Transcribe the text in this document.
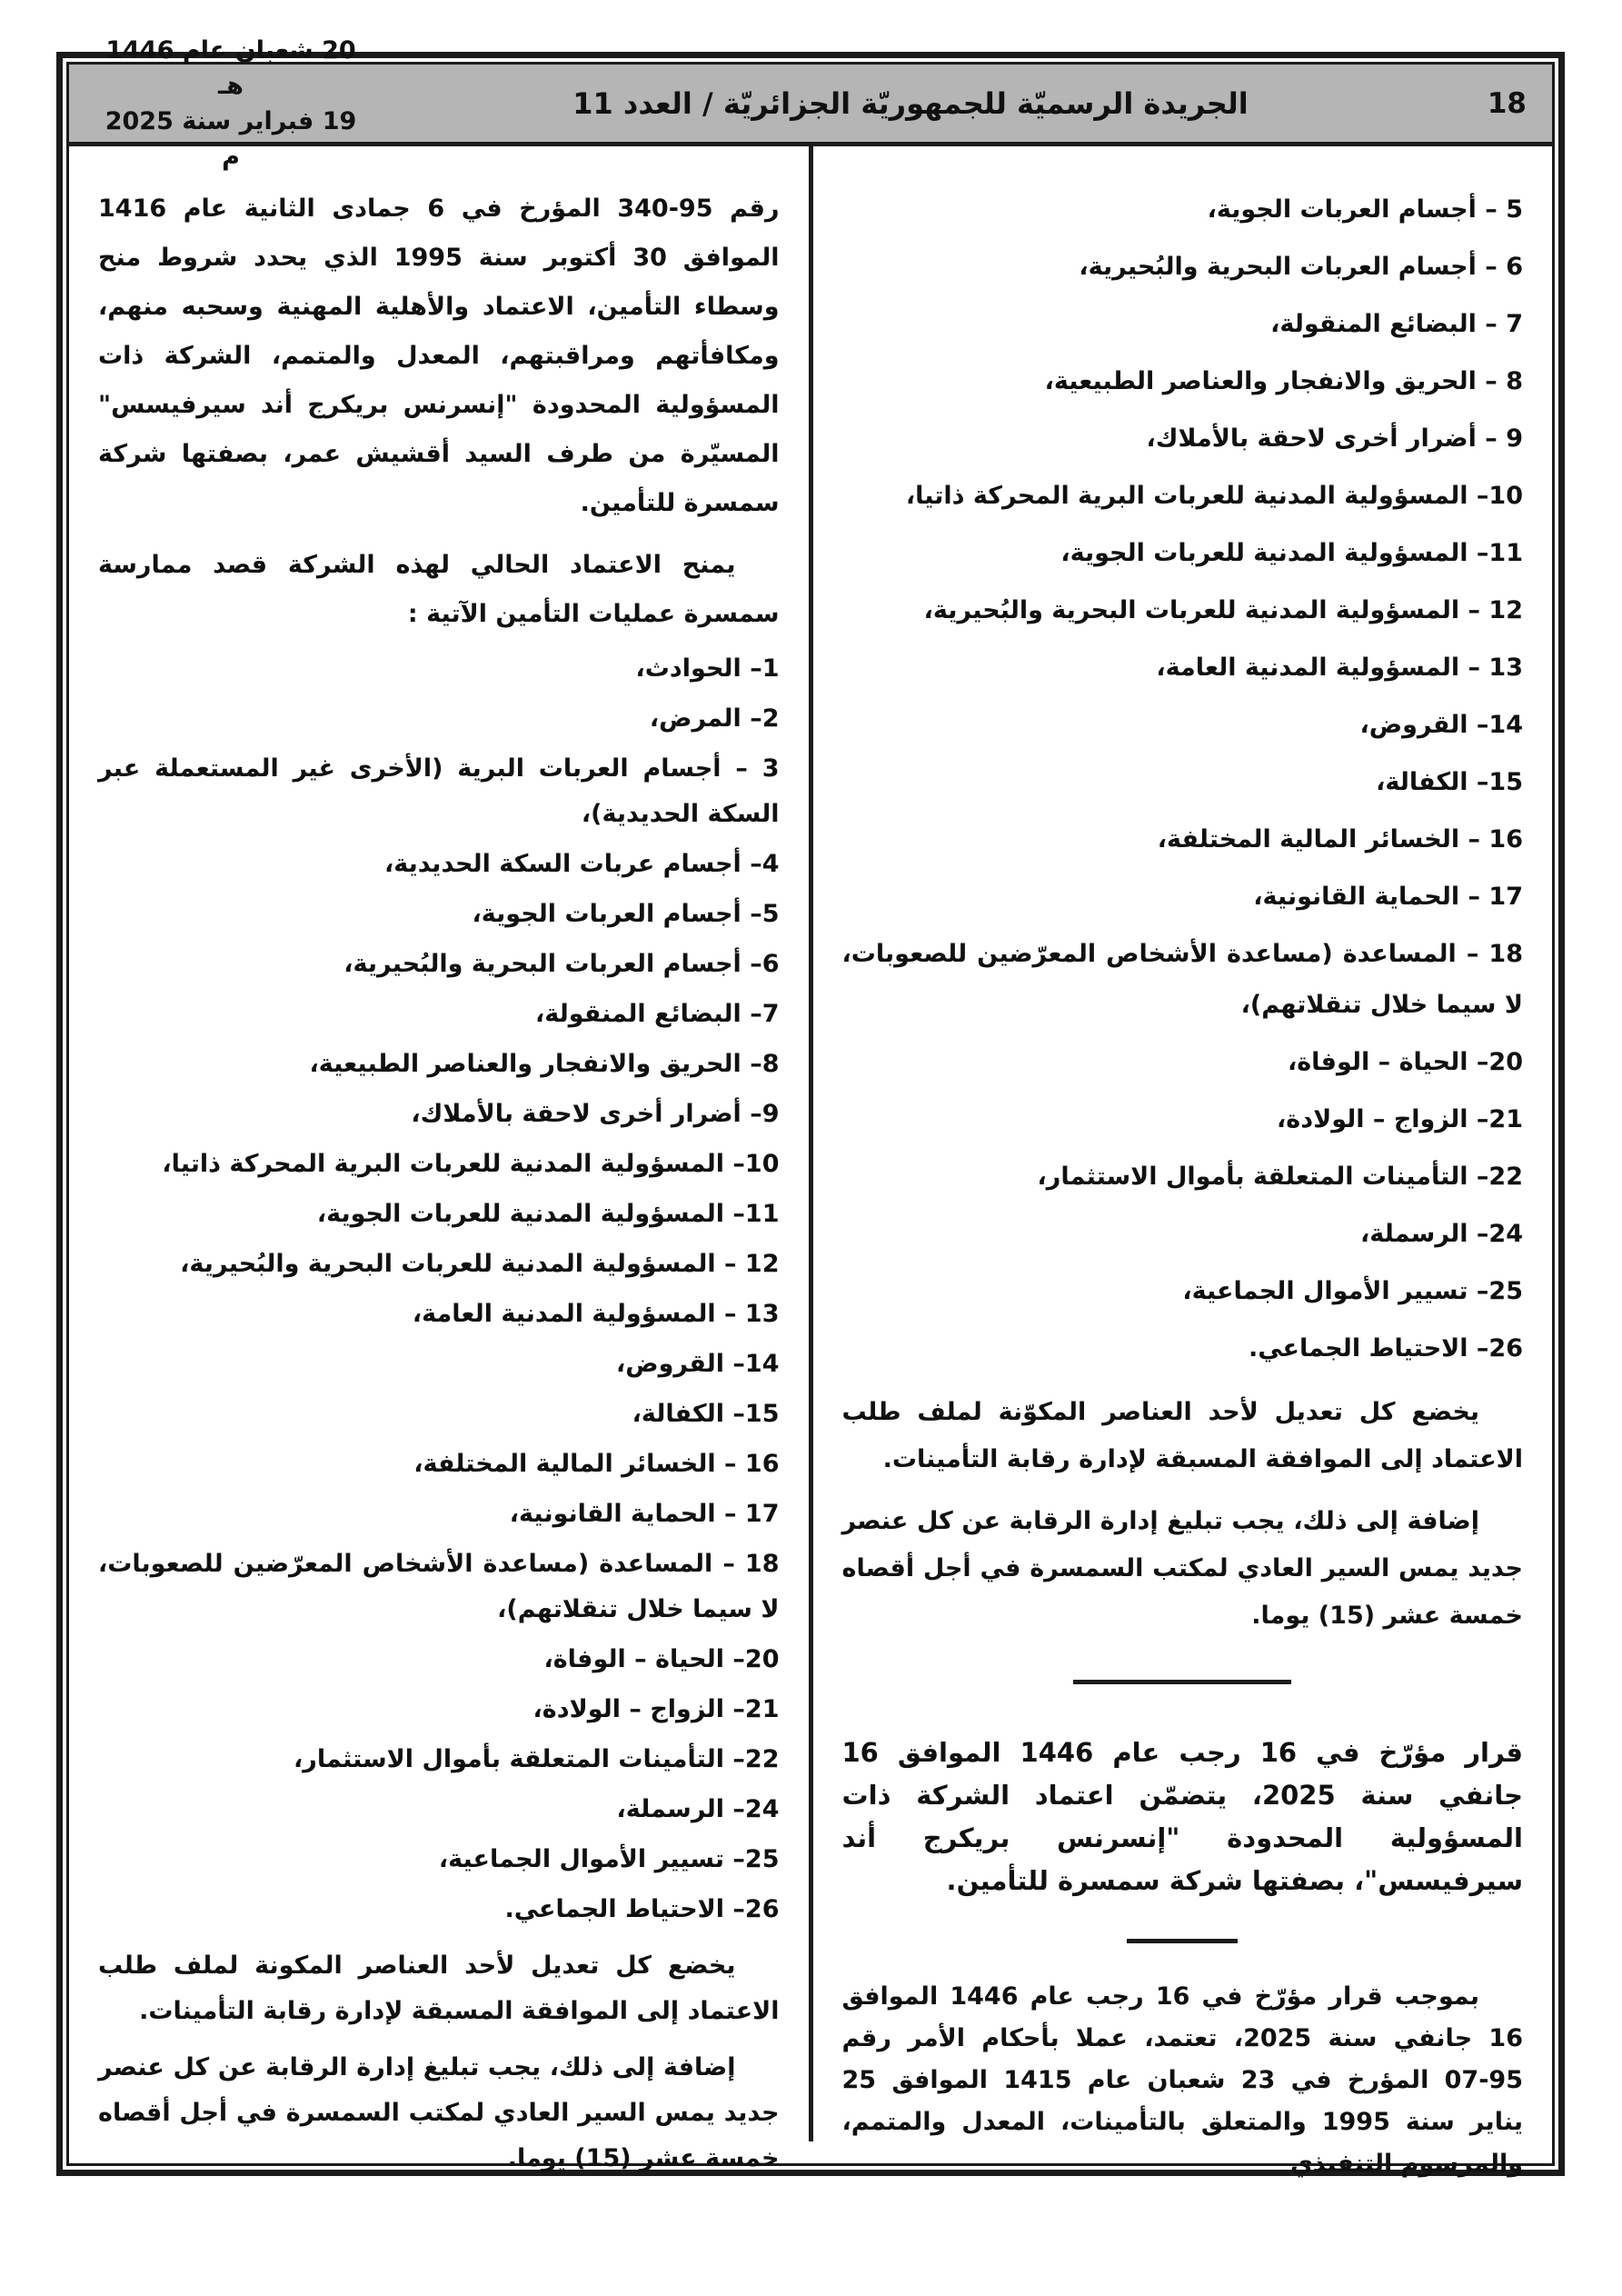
18
الجريدة الرسميّة للجمهوريّة الجزائريّة / العدد 11
20 شعبان عام 1446 هـ
19 فبراير سنة 2025 م
5 – أجسام العربات الجوية،
6 – أجسام العربات البحرية والبُحيرية،
7 – البضائع المنقولة،
8 – الحريق والانفجار والعناصر الطبيعية،
9 – أضرار أخرى لاحقة بالأملاك،
10– المسؤولية المدنية للعربات البرية المحركة ذاتيا،
11– المسؤولية المدنية للعربات الجوية،
12 – المسؤولية المدنية للعربات البحرية والبُحيرية،
13 – المسؤولية المدنية العامة،
14– القروض،
15– الكفالة،
16 – الخسائر المالية المختلفة،
17 – الحماية القانونية،
18 – المساعدة (مساعدة الأشخاص المعرّضين للصعوبات، لا سيما خلال تنقلاتهم)،
20– الحياة – الوفاة،
21– الزواج – الولادة،
22– التأمينات المتعلقة بأموال الاستثمار،
24– الرسملة،
25– تسيير الأموال الجماعية،
26– الاحتياط الجماعي.

يخضع كل تعديل لأحد العناصر المكوّنة لملف طلب الاعتماد إلى الموافقة المسبقة لإدارة رقابة التأمينات.

إضافة إلى ذلك، يجب تبليغ إدارة الرقابة عن كل عنصر جديد يمس السير العادي لمكتب السمسرة في أجل أقصاه خمسة عشر (15) يوما.

قرار مؤرّخ في 16 رجب عام 1446 الموافق 16 جانفي سنة 2025، يتضمّن اعتماد الشركة ذات المسؤولية المحدودة "إنسرنس بريكرج أند سيرفيسس"، بصفتها شركة سمسرة للتأمين.

بموجب قرار مؤرّخ في 16 رجب عام 1446 الموافق 16 جانفي سنة 2025، تعتمد، عملا بأحكام الأمر رقم 95‏-‏07 المؤرخ في 23 شعبان عام 1415 الموافق 25 يناير سنة 1995 والمتعلق بالتأمينات، المعدل والمتمم، والمرسوم التنفيذي

رقم 95‏-‏340 المؤرخ في 6 جمادى الثانية عام 1416 الموافق 30 أكتوبر سنة 1995 الذي يحدد شروط منح وسطاء التأمين، الاعتماد والأهلية المهنية وسحبه منهم، ومكافأتهم ومراقبتهم، المعدل والمتمم، الشركة ذات المسؤولية المحدودة "إنسرنس بريكرج أند سيرفيسس" المسيّرة من طرف السيد أقشيش عمر، بصفتها شركة سمسرة للتأمين.

يمنح الاعتماد الحالي لهذه الشركة قصد ممارسة سمسرة عمليات التأمين الآتية :

1– الحوادث،
2– المرض،
3 – أجسام العربات البرية (الأخرى غير المستعملة عبر السكة الحديدية)،
4– أجسام عربات السكة الحديدية،
5– أجسام العربات الجوية،
6– أجسام العربات البحرية والبُحيرية،
7– البضائع المنقولة،
8– الحريق والانفجار والعناصر الطبيعية،
9– أضرار أخرى لاحقة بالأملاك،
10– المسؤولية المدنية للعربات البرية المحركة ذاتيا،
11– المسؤولية المدنية للعربات الجوية،
12 – المسؤولية المدنية للعربات البحرية والبُحيرية،
13 – المسؤولية المدنية العامة،
14– القروض،
15– الكفالة،
16 – الخسائر المالية المختلفة،
17 – الحماية القانونية،
18 – المساعدة (مساعدة الأشخاص المعرّضين للصعوبات، لا سيما خلال تنقلاتهم)،
20– الحياة – الوفاة،
21– الزواج – الولادة،
22– التأمينات المتعلقة بأموال الاستثمار،
24– الرسملة،
25– تسيير الأموال الجماعية،
26– الاحتياط الجماعي.

يخضع كل تعديل لأحد العناصر المكونة لملف طلب الاعتماد إلى الموافقة المسبقة لإدارة رقابة التأمينات.

إضافة إلى ذلك، يجب تبليغ إدارة الرقابة عن كل عنصر جديد يمس السير العادي لمكتب السمسرة في أجل أقصاه خمسة عشر (15) يوما.
